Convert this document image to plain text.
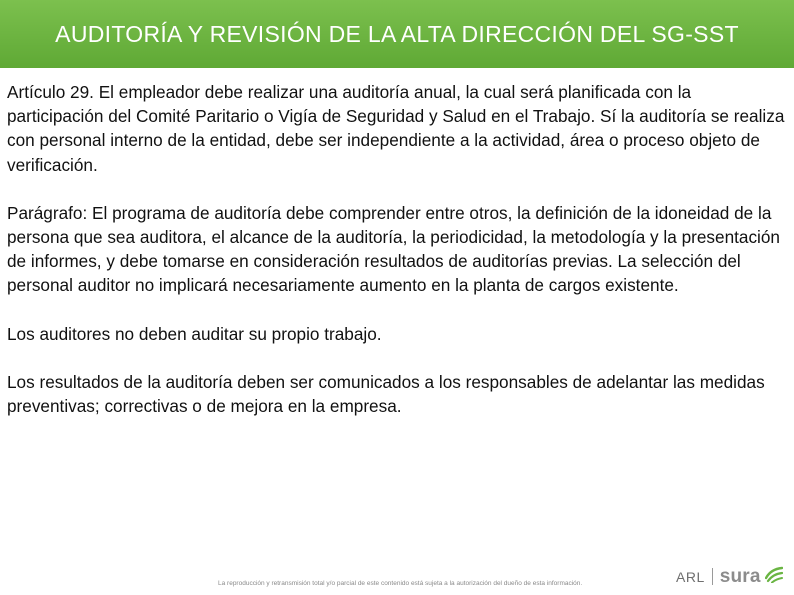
AUDITORÍA Y REVISIÓN DE LA ALTA DIRECCIÓN DEL SG-SST

Artículo 29. El empleador debe realizar una auditoría anual, la cual será planificada con la participación del Comité Paritario o Vigía de Seguridad y Salud en el Trabajo. Sí la auditoría se realiza con personal interno de la entidad, debe ser independiente a la actividad, área o proceso objeto de verificación.

Parágrafo: El programa de auditoría debe comprender entre otros, la definición de la idoneidad de la persona que sea auditora, el alcance de la auditoría, la periodicidad, la metodología y la presentación de informes, y debe tomarse en consideración resultados de auditorías previas. La selección del personal auditor no implicará necesariamente aumento en la planta de cargos existente.

Los auditores no deben auditar su propio trabajo.

Los resultados de la auditoría deben ser comunicados a los responsables de adelantar las medidas preventivas; correctivas o de mejora en la empresa.

La reproducción y retransmisión total y/o parcial de este contenido está sujeta a la autorización del dueño de esta información.	ARL sura
